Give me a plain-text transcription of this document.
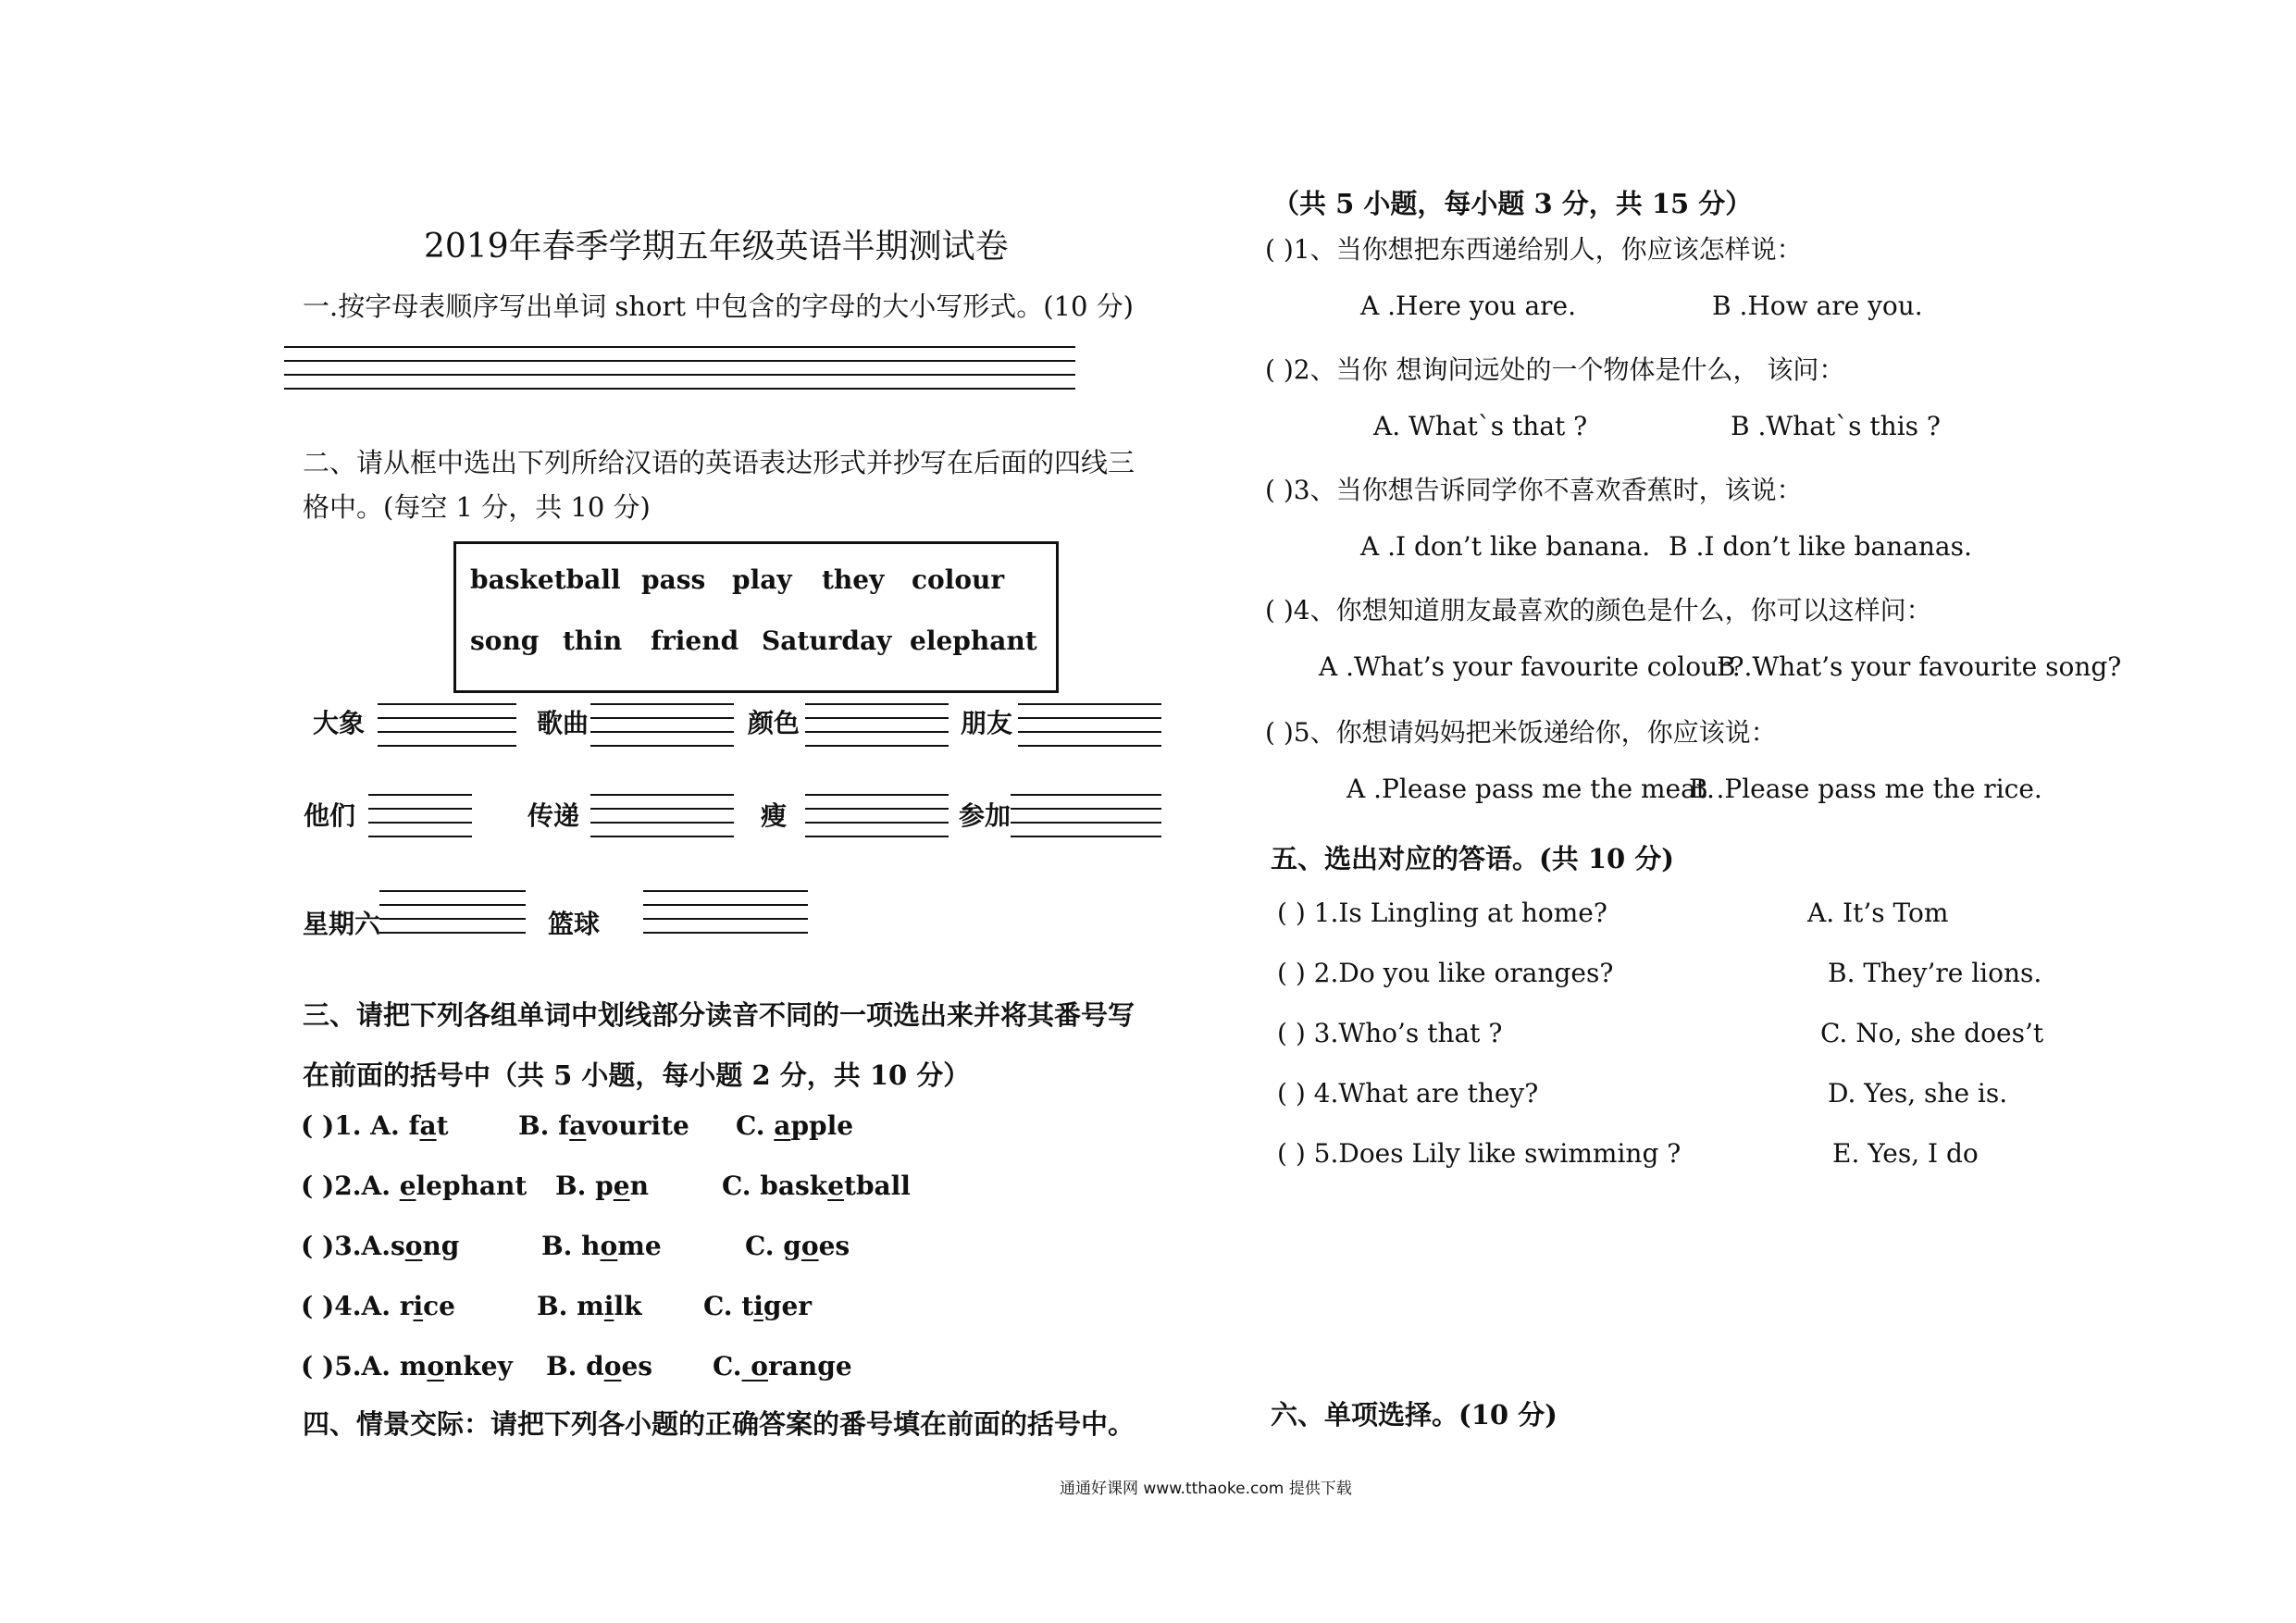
2019年春季学期五年级英语半期测试卷
一.按字母表顺序写出单词 short 中包含的字母的大小写形式。(10 分)
二、请从框中选出下列所给汉语的英语表达形式并抄写在后面的四线三
格中。(每空 1 分，共 10 分)
basketball pass play they colour
song thin friend Saturday elephant
大象	歌曲	颜色	朋友
他们	传递	瘦	参加
星期六	篮球
三、请把下列各组单词中划线部分读音不同的一项选出来并将其番号写
在前面的括号中（共 5 小题，每小题 2 分，共 10 分）
( )1. A. fat	B. favourite C. apple
( )2.A. elephant B. pen	C. basketball
( )3.A.song	B. home	C. goes
( )4.A. rice	B. milk C. tiger
( )5.A. monkey B. does C. orange
四、情景交际：请把下列各小题的正确答案的番号填在前面的括号中。
（共 5 小题，每小题 3 分，共 15 分）
( )1、当你想把东西递给别人，你应该怎样说：
A .Here you are.	B .How are you.
( )2、当你 想询问远处的一个物体是什么， 该问：
A. What`s that ?	B .What`s this ?
( )3、当你想告诉同学你不喜欢香蕉时，该说：
A .I don’t like banana. B .I don’t like bananas.
( )4、你想知道朋友最喜欢的颜色是什么，你可以这样问：
A .What’s your favourite colour?
B .What’s your favourite song?
( )5、你想请妈妈把米饭递给你，你应该说：
A .Please pass me the meat.
B .Please pass me the rice.
五、选出对应的答语。(共 10 分)
( ) 1.Is Lingling at home?	A. It’s Tom
( ) 2.Do you like oranges?	B. They’re lions.
( ) 3.Who’s that ?	C. No, she does’t
( ) 4.What are they?	D. Yes, she is.
( ) 5.Does Lily like swimming ?	E. Yes, I do
六、单项选择。(10 分)
通通好课网 www.tthaoke.com 提供下载
